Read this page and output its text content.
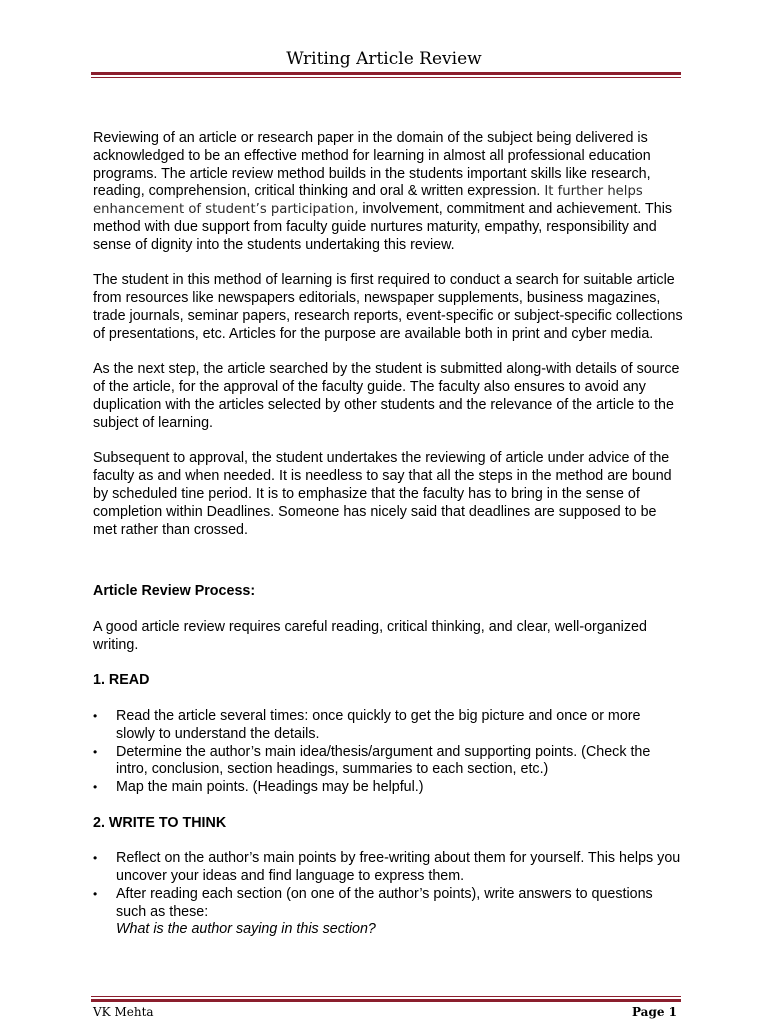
Writing Article Review

Reviewing of an article or research paper in the domain of the subject being delivered is acknowledged to be an effective method for learning in almost all professional education programs. The article review method builds in the students important skills like research, reading, comprehension, critical thinking and oral & written expression. It further helps enhancement of student’s participation, involvement, commitment and achievement. This method with due support from faculty guide nurtures maturity, empathy, responsibility and sense of dignity into the students undertaking this review.

The student in this method of learning is first required to conduct a search for suitable article from resources like newspapers editorials, newspaper supplements, business magazines, trade journals, seminar papers, research reports, event-specific or subject-specific collections of presentations, etc. Articles for the purpose are available both in print and cyber media.

As the next step, the article searched by the student is submitted along-with details of source of the article, for the approval of the faculty guide. The faculty also ensures to avoid any duplication with the articles selected by other students and the relevance of the article to the subject of learning.

Subsequent to approval, the student undertakes the reviewing of article under advice of the faculty as and when needed. It is needless to say that all the steps in the method are bound by scheduled tine period. It is to emphasize that the faculty has to bring in the sense of completion within Deadlines. Someone has nicely said that deadlines are supposed to be met rather than crossed.

Article Review Process:

A good article review requires careful reading, critical thinking, and clear, well-organized writing.

1. READ
• Read the article several times: once quickly to get the big picture and once or more slowly to understand the details.
• Determine the author’s main idea/thesis/argument and supporting points. (Check the intro, conclusion, section headings, summaries to each section, etc.)
• Map the main points. (Headings may be helpful.)
2. WRITE TO THINK
• Reflect on the author’s main points by free-writing about them for yourself. This helps you uncover your ideas and find language to express them.
• After reading each section (on one of the author’s points), write answers to questions such as these:
What is the author saying in this section?
VK Mehta	Page 1
